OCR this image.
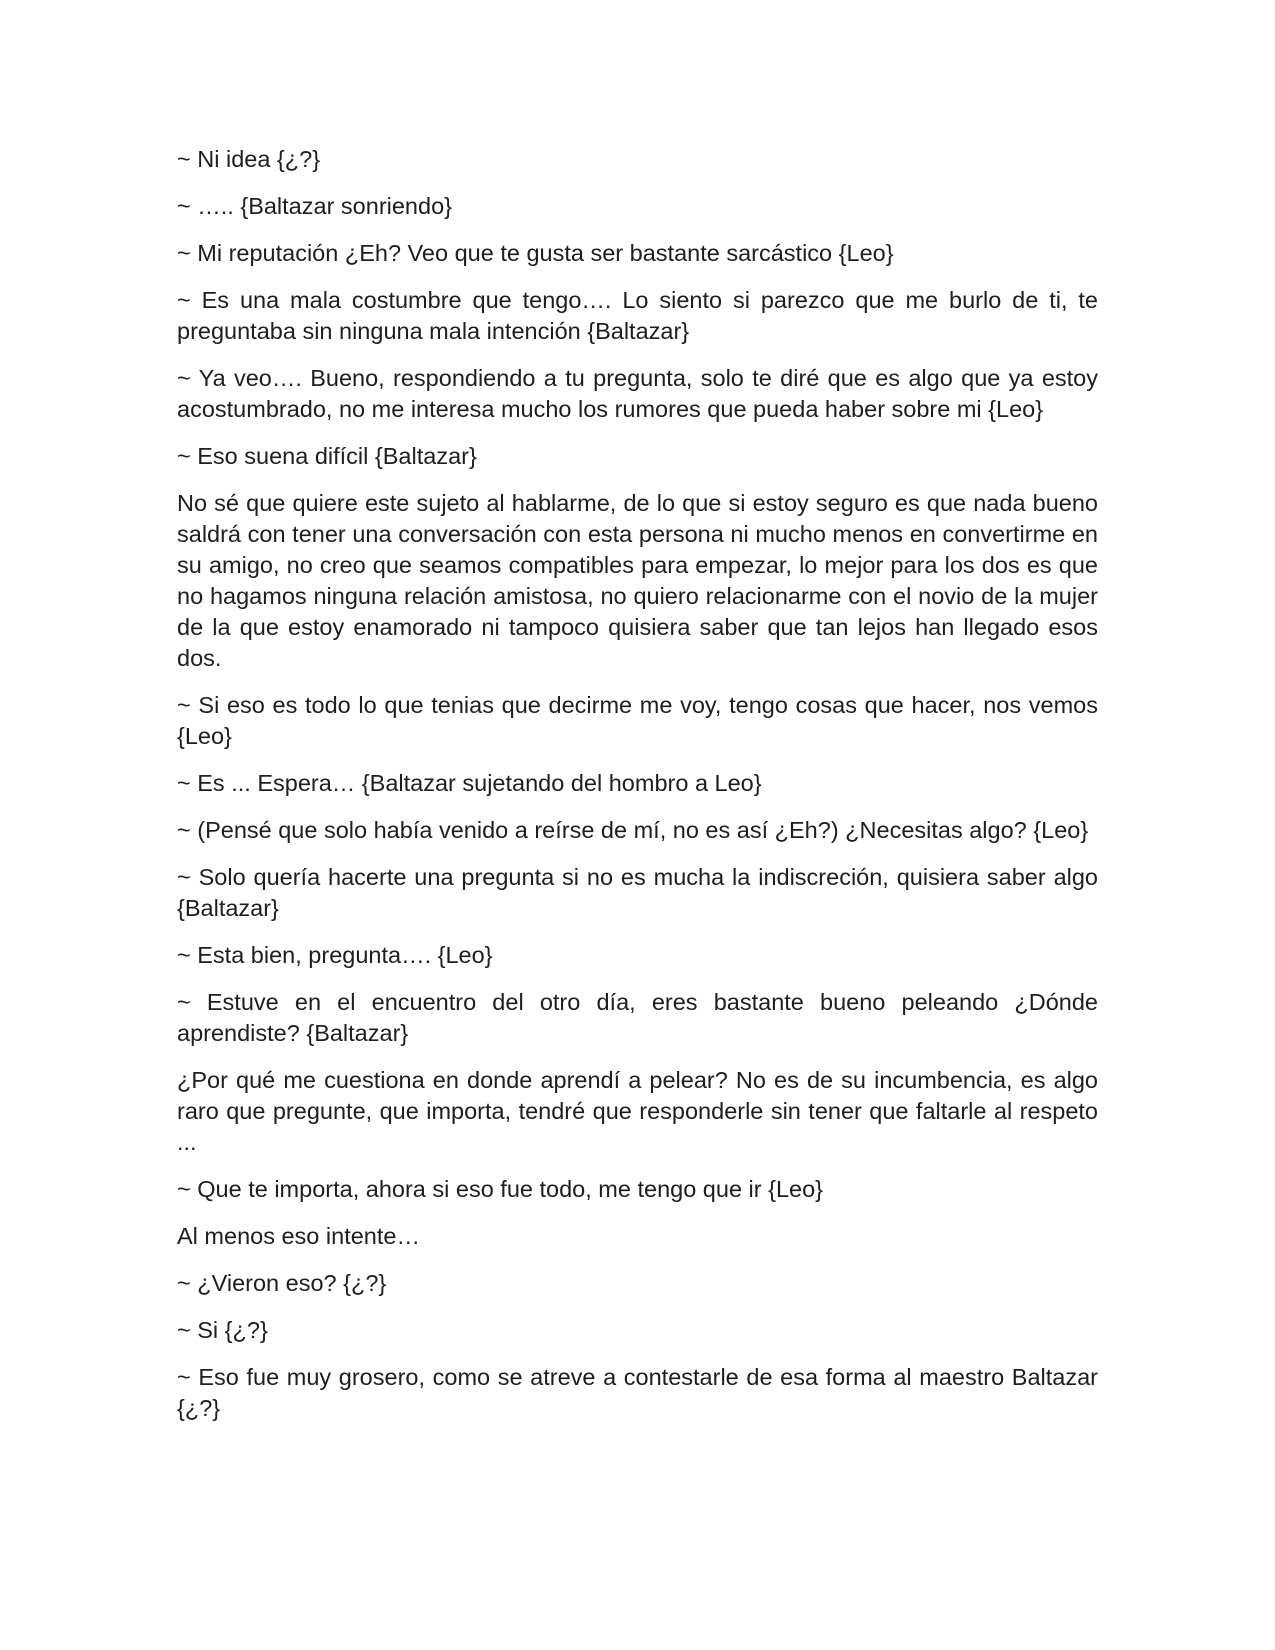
~ Ni idea {¿?}

~ ….. {Baltazar sonriendo}

~ Mi reputación ¿Eh? Veo que te gusta ser bastante sarcástico {Leo}

~ Es una mala costumbre que tengo…. Lo siento si parezco que me burlo de ti, te preguntaba sin ninguna mala intención {Baltazar}

~ Ya veo…. Bueno, respondiendo a tu pregunta, solo te diré que es algo que ya estoy acostumbrado, no me interesa mucho los rumores que pueda haber sobre mi {Leo}

~ Eso suena difícil {Baltazar}

No sé que quiere este sujeto al hablarme, de lo que si estoy seguro es que nada bueno saldrá con tener una conversación con esta persona ni mucho menos en convertirme en su amigo, no creo que seamos compatibles para empezar, lo mejor para los dos es que no hagamos ninguna relación amistosa, no quiero relacionarme con el novio de la mujer de la que estoy enamorado ni tampoco quisiera saber que tan lejos han llegado esos dos.

~ Si eso es todo lo que tenias que decirme me voy, tengo cosas que hacer, nos vemos {Leo}

~ Es ... Espera… {Baltazar sujetando del hombro a Leo}

~ (Pensé que solo había venido a reírse de mí, no es así ¿Eh?) ¿Necesitas algo? {Leo}

~ Solo quería hacerte una pregunta si no es mucha la indiscreción, quisiera saber algo {Baltazar}

~ Esta bien, pregunta…. {Leo}

~ Estuve en el encuentro del otro día, eres bastante bueno peleando ¿Dónde aprendiste? {Baltazar}

¿Por qué me cuestiona en donde aprendí a pelear? No es de su incumbencia, es algo raro que pregunte, que importa, tendré que responderle sin tener que faltarle al respeto ...

~ Que te importa, ahora si eso fue todo, me tengo que ir {Leo}

Al menos eso intente…

~ ¿Vieron eso? {¿?}

~ Si {¿?}

~ Eso fue muy grosero, como se atreve a contestarle de esa forma al maestro Baltazar {¿?}
